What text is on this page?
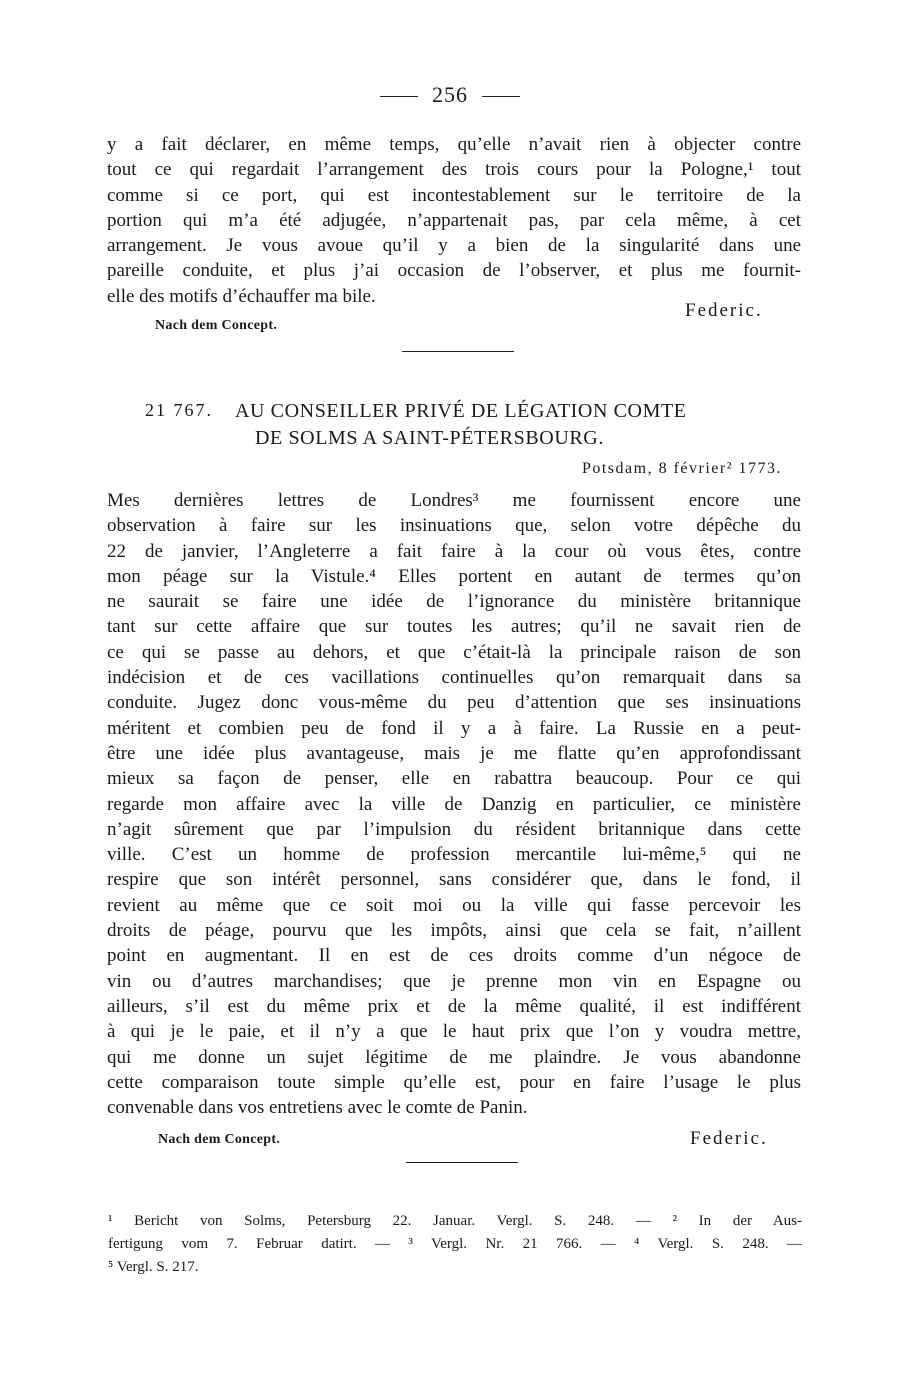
256
y a fait déclarer, en même temps, qu’elle n’avait rien à objecter contre
tout ce qui regardait l’arrangement des trois cours pour la Pologne,¹ tout
comme si ce port, qui est incontestablement sur le territoire de la
portion qui m’a été adjugée, n’appartenait pas, par cela même, à cet
arrangement. Je vous avoue qu’il y a bien de la singularité dans une
pareille conduite, et plus j’ai occasion de l’observer, et plus me fournit-
elle des motifs d’échauffer ma bile.
Federic.
Nach dem Concept.
21 767. AU CONSEILLER PRIVÉ DE LÉGATION COMTE
DE SOLMS A SAINT-PÉTERSBOURG.
Potsdam, 8 février² 1773.
Mes dernières lettres de Londres³ me fournissent encore une
observation à faire sur les insinuations que, selon votre dépêche du
22 de janvier, l’Angleterre a fait faire à la cour où vous êtes, contre
mon péage sur la Vistule.⁴ Elles portent en autant de termes qu’on
ne saurait se faire une idée de l’ignorance du ministère britannique
tant sur cette affaire que sur toutes les autres; qu’il ne savait rien de
ce qui se passe au dehors, et que c’était-là la principale raison de son
indécision et de ces vacillations continuelles qu’on remarquait dans sa
conduite. Jugez donc vous-même du peu d’attention que ses insinuations
méritent et combien peu de fond il y a à faire. La Russie en a peut-
être une idée plus avantageuse, mais je me flatte qu’en approfondissant
mieux sa façon de penser, elle en rabattra beaucoup. Pour ce qui
regarde mon affaire avec la ville de Danzig en particulier, ce ministère
n’agit sûrement que par l’impulsion du résident britannique dans cette
ville. C’est un homme de profession mercantile lui-même,⁵ qui ne
respire que son intérêt personnel, sans considérer que, dans le fond, il
revient au même que ce soit moi ou la ville qui fasse percevoir les
droits de péage, pourvu que les impôts, ainsi que cela se fait, n’aillent
point en augmentant. Il en est de ces droits comme d’un négoce de
vin ou d’autres marchandises; que je prenne mon vin en Espagne ou
ailleurs, s’il est du même prix et de la même qualité, il est indifférent
à qui je le paie, et il n’y a que le haut prix que l’on y voudra mettre,
qui me donne un sujet légitime de me plaindre. Je vous abandonne
cette comparaison toute simple qu’elle est, pour en faire l’usage le plus
convenable dans vos entretiens avec le comte de Panin.
Nach dem Concept.	Federic.
¹ Bericht von Solms, Petersburg 22. Januar. Vergl. S. 248. — ² In der Aus-
fertigung vom 7. Februar datirt. — ³ Vergl. Nr. 21 766. — ⁴ Vergl. S. 248. —
⁵ Vergl. S. 217.
